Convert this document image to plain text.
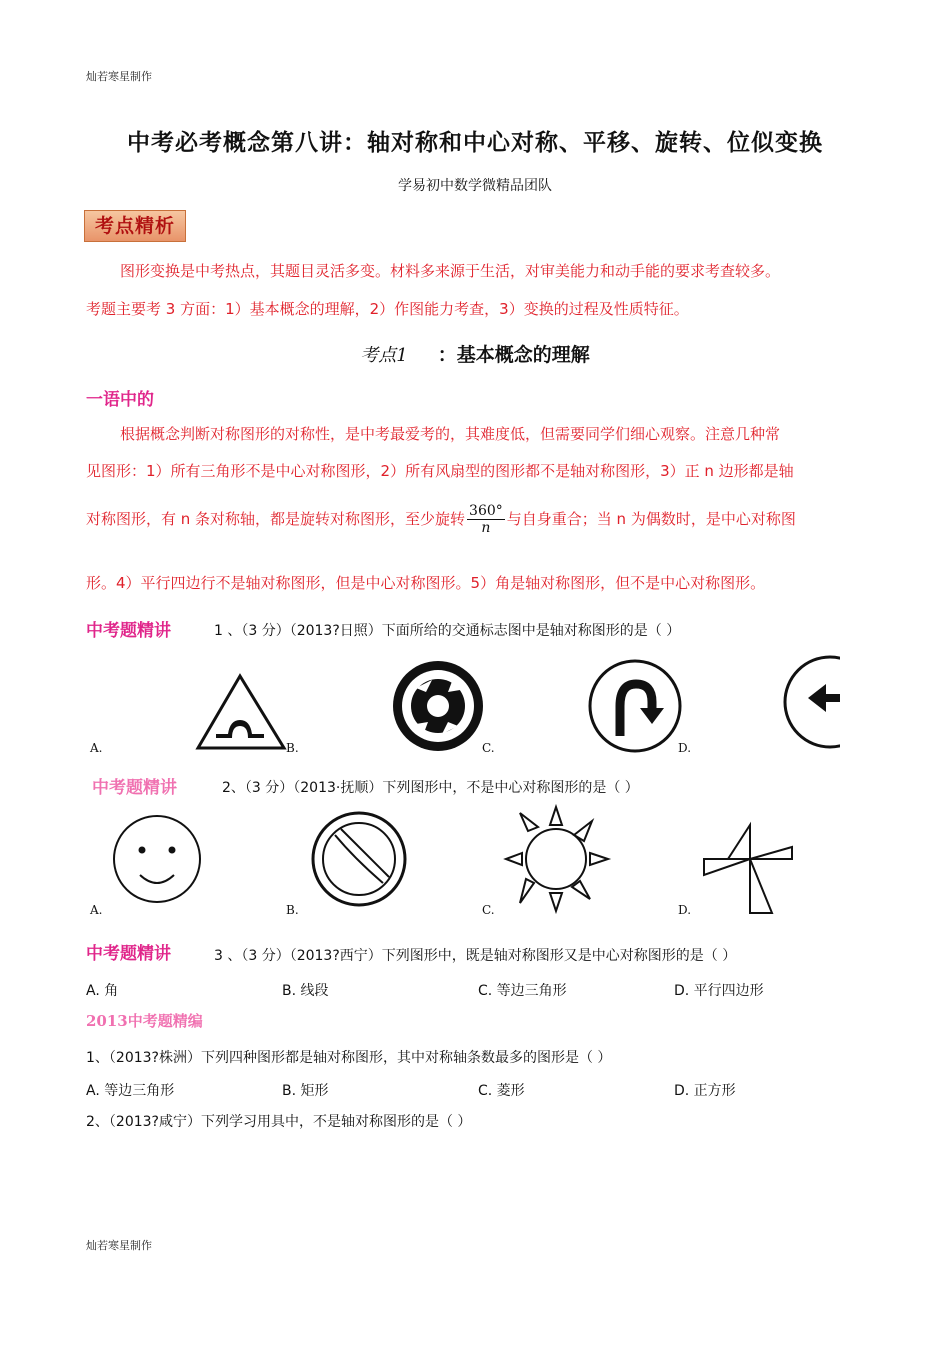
灿若寒星制作
中考必考概念第八讲：轴对称和中心对称、平移、旋转、位似变换
学易初中数学微精品团队
考点精析
图形变换是中考热点，其题目灵活多变。材料多来源于生活，对审美能力和动手能的要求考查较多。
考题主要考 3 方面：1）基本概念的理解，2）作图能力考查，3）变换的过程及性质特征。
考点1 ：基本概念的理解
一语中的
根据概念判断对称图形的对称性，是中考最爱考的，其难度低，但需要同学们细心观察。注意几种常
见图形：1）所有三角形不是中心对称图形，2）所有风扇型的图形都不是轴对称图形，3）正 n 边形都是轴
对称图形，有 n 条对称轴，都是旋转对称图形，至少旋转 $\frac{360^\circ}{n}$ 与自身重合；当 n 为偶数时，是中心对称图
形。4）平行四边行不是轴对称图形，但是中心对称图形。5）角是轴对称图形，但不是中心对称图形。
中考题精讲	1 、（3 分）（2013?日照）下面所给的交通标志图中是轴对称图形的是（ ）
A.	B.	C.	D.
中考题精讲	2、（3 分）（2013·抚顺）下列图形中，不是中心对称图形的是（ ）
A.	B.	C.	D.
中考题精讲	3 、（3 分）（2013?西宁）下列图形中，既是轴对称图形又是中心对称图形的是（ ）
A. 角	B. 线段	C. 等边三角形	D. 平行四边形
2013中考题精编
1、（2013?株洲）下列四种图形都是轴对称图形，其中对称轴条数最多的图形是（ ）
A. 等边三角形	B. 矩形	C. 菱形	D. 正方形
2、（2013?咸宁）下列学习用具中，不是轴对称图形的是（ ）
灿若寒星制作
